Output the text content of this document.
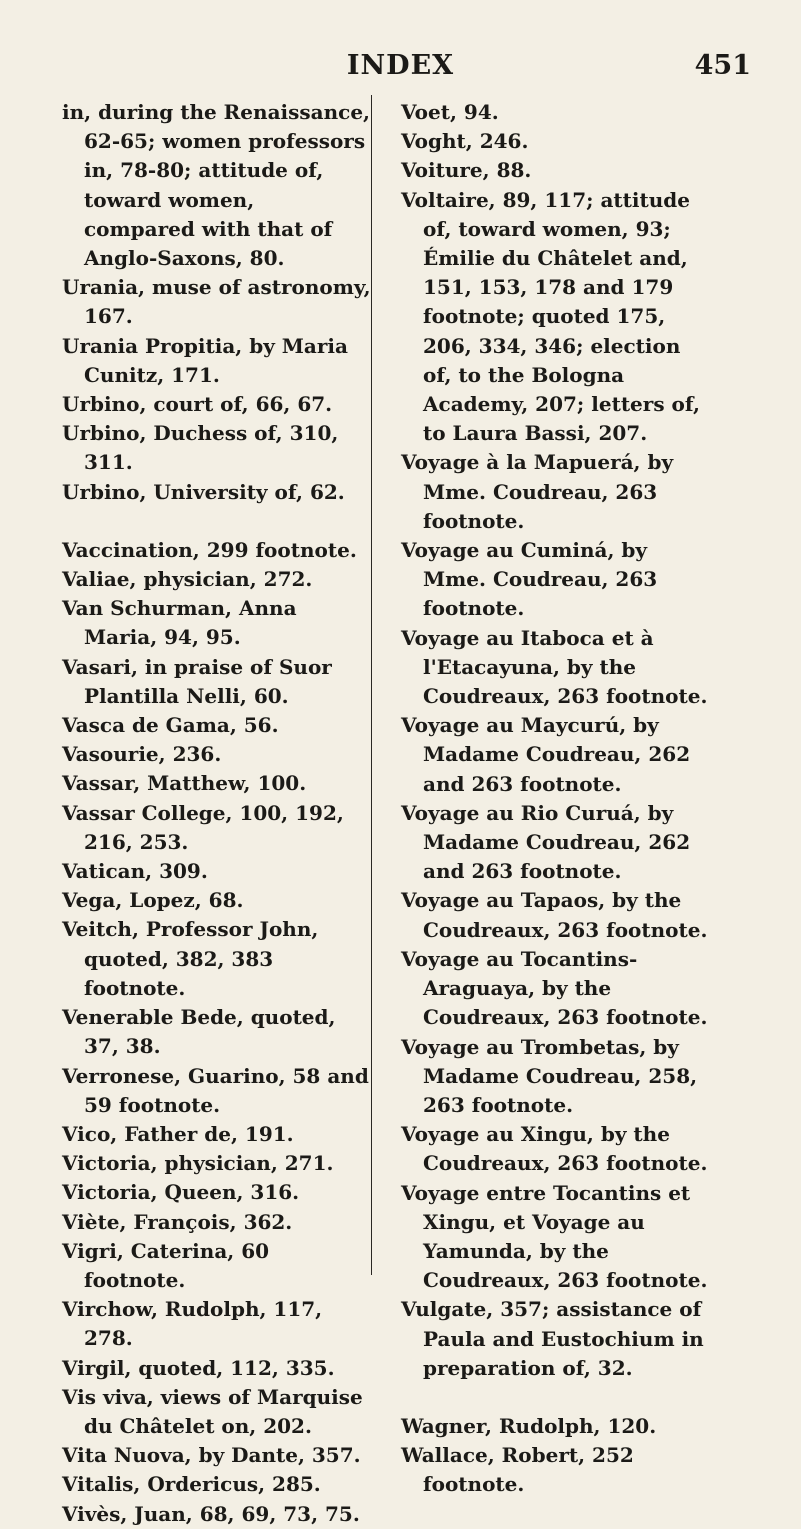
INDEX	451

in, during the Renaissance, 62-65; women professors in, 78-80; attitude of, toward women, compared with that of Anglo-Saxons, 80.

Urania, muse of astronomy, 167.

Urania Propitia, by Maria Cunitz, 171.

Urbino, court of, 66, 67.

Urbino, Duchess of, 310, 311.

Urbino, University of, 62.

Vaccination, 299 footnote.

Valiae, physician, 272.

Van Schurman, Anna Maria, 94, 95.

Vasari, in praise of Suor Plantilla Nelli, 60.

Vasca de Gama, 56.

Vasourie, 236.

Vassar, Matthew, 100.

Vassar College, 100, 192, 216, 253.

Vatican, 309.

Vega, Lopez, 68.

Veitch, Professor John, quoted, 382, 383 footnote.

Venerable Bede, quoted, 37, 38.

Verronese, Guarino, 58 and 59 footnote.

Vico, Father de, 191.

Victoria, physician, 271.

Victoria, Queen, 316.

Viète, François, 362.

Vigri, Caterina, 60 footnote.

Virchow, Rudolph, 117, 278.

Virgil, quoted, 112, 335.

Vis viva, views of Marquise du Châtelet on, 202.

Vita Nuova, by Dante, 357.

Vitalis, Ordericus, 285.

Vivès, Juan, 68, 69, 73, 75.

Voet, 94.

Voght, 246.

Voiture, 88.

Voltaire, 89, 117; attitude of, toward women, 93; Émilie du Châtelet and, 151, 153, 178 and 179 footnote; quoted 175, 206, 334, 346; election of, to the Bologna Academy, 207; letters of, to Laura Bassi, 207.

Voyage à la Mapuerá, by Mme. Coudreau, 263 footnote.

Voyage au Cuminá, by Mme. Coudreau, 263 footnote.

Voyage au Itaboca et à l'Etacayuna, by the Coudreaux, 263 footnote.

Voyage au Maycurú, by Madame Coudreau, 262 and 263 footnote.

Voyage au Rio Curuá, by Madame Coudreau, 262 and 263 footnote.

Voyage au Tapaos, by the Coudreaux, 263 footnote.

Voyage au Tocantins-Araguaya, by the Coudreaux, 263 footnote.

Voyage au Trombetas, by Madame Coudreau, 258, 263 footnote.

Voyage au Xingu, by the Coudreaux, 263 footnote.

Voyage entre Tocantins et Xingu, et Voyage au Yamunda, by the Coudreaux, 263 footnote.

Vulgate, 357; assistance of Paula and Eustochium in preparation of, 32.

Wagner, Rudolph, 120.

Wallace, Robert, 252 footnote.
